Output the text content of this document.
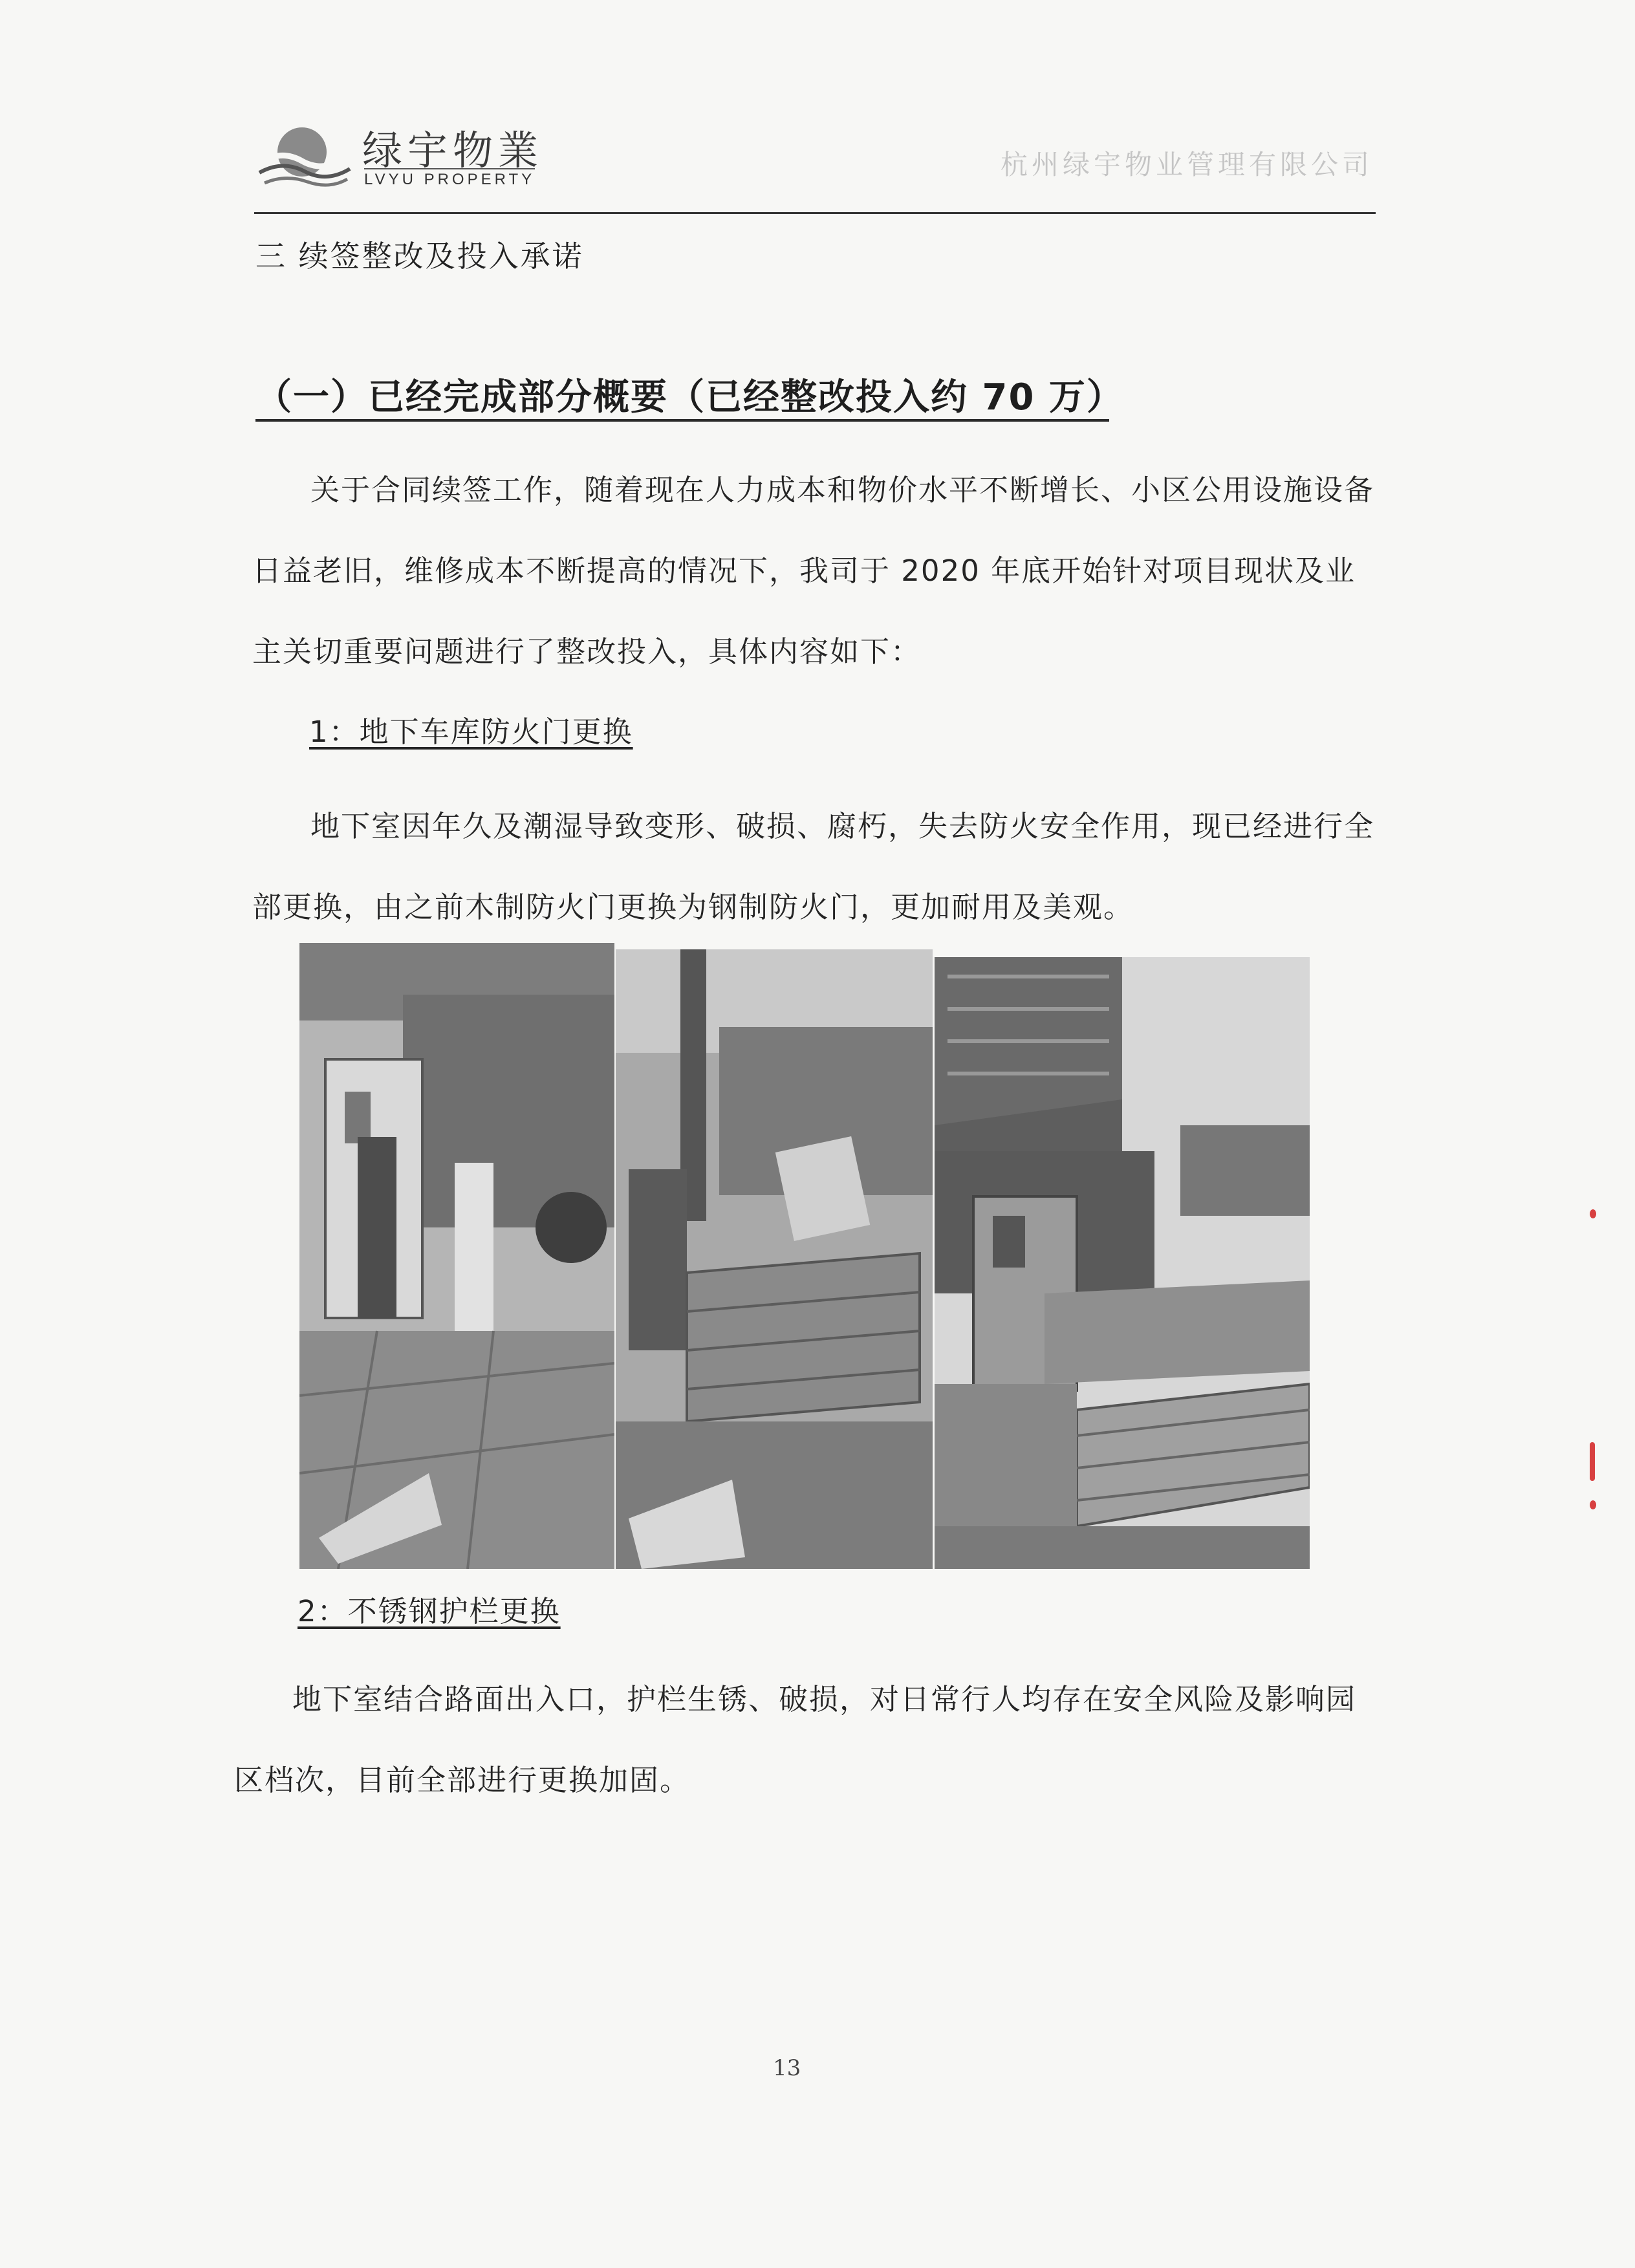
绿宇物業
LVYU PROPERTY	杭州绿宇物业管理有限公司
三 续签整改及投入承诺
（一）已经完成部分概要（已经整改投入约 70 万）

关于合同续签工作，随着现在人力成本和物价水平不断增长、小区公用设施设备日益老旧，维修成本不断提高的情况下，我司于 2020 年底开始针对项目现状及业主关切重要问题进行了整改投入，具体内容如下：

1：地下车库防火门更换

地下室因年久及潮湿导致变形、破损、腐朽，失去防火安全作用，现已经进行全部更换，由之前木制防火门更换为钢制防火门，更加耐用及美观。

2：不锈钢护栏更换

地下室结合路面出入口，护栏生锈、破损，对日常行人均存在安全风险及影响园区档次，目前全部进行更换加固。

13
